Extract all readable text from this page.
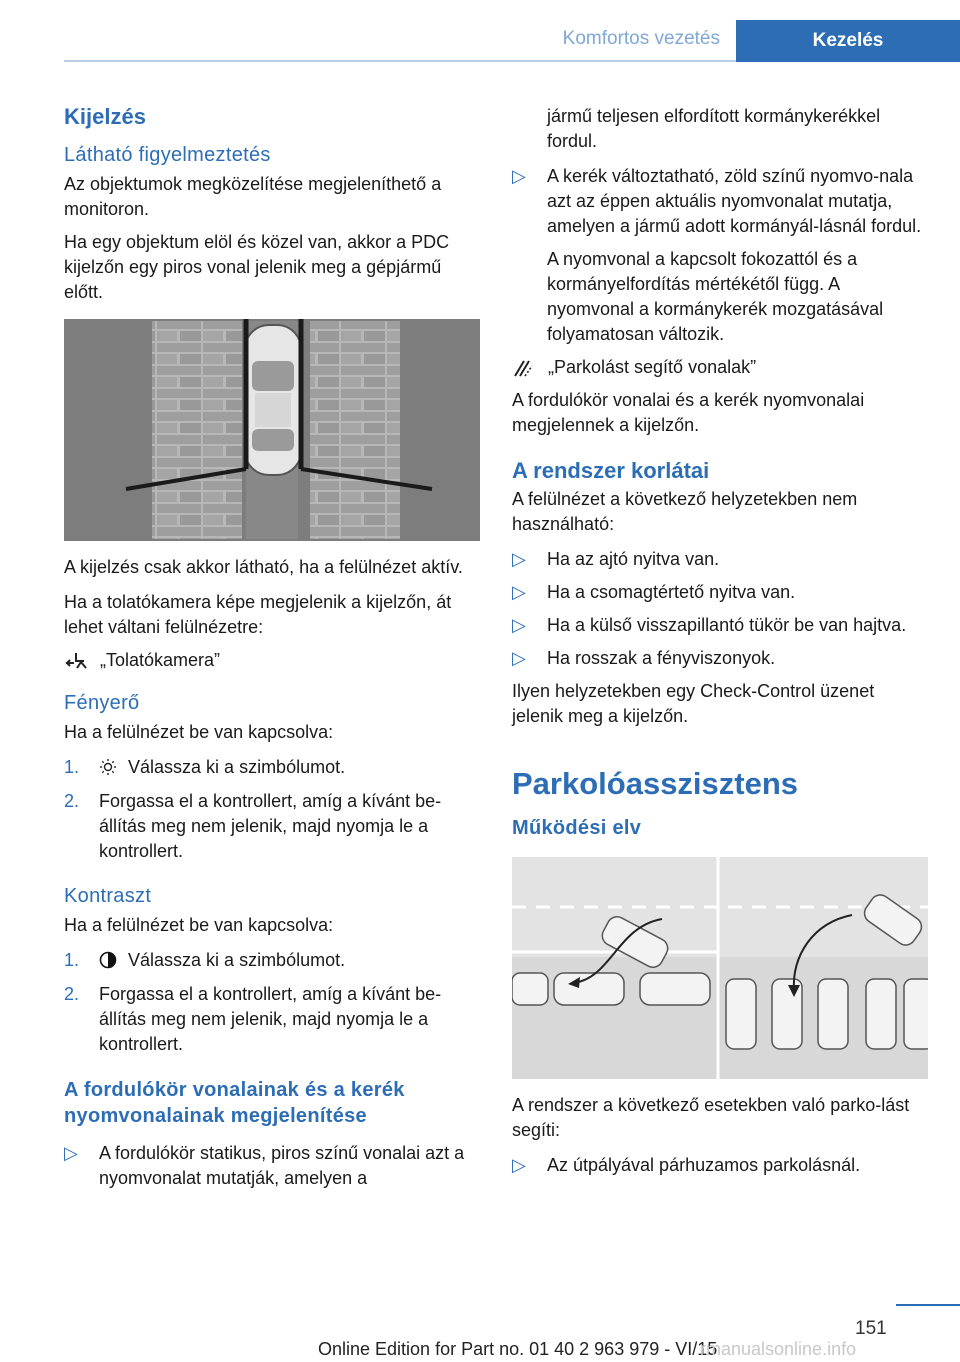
Komfortos vezetés	Kezelés
Kijelzés
Látható figyelmeztetés

Az objektumok megközelítése megjeleníthető a monitoron.

Ha egy objektum elöl és közel van, akkor a PDC kijelzőn egy piros vonal jelenik meg a gépjármű előtt.

A kijelzés csak akkor látható, ha a felülnézet aktív.

Ha a tolatókamera képe megjelenik a kijelzőn, át lehet váltani felülnézetre:

„Tolatókamera”
Fényerő

Ha a felülnézet be van kapcsolva:

1.	Válassza ki a szimbólumot.
2. Forgassa el a kontrollert, amíg a kívánt be‐állítás meg nem jelenik, majd nyomja le a kontrollert.
Kontraszt

Ha a felülnézet be van kapcsolva:

1.	Válassza ki a szimbólumot.
2. Forgassa el a kontrollert, amíg a kívánt be‐állítás meg nem jelenik, majd nyomja le a kontrollert.
A fordulókör vonalainak és a kerék nyomvonalainak megjelenítése
▷ A fordulókör statikus, piros színű vonalai azt a nyomvonalat mutatják, amelyen a

jármű teljesen elfordított kormánykerékkel fordul.

▷ A kerék változtatható, zöld színű nyomvo‐nala azt az éppen aktuális nyomvonalat mutatja, amelyen a jármű adott kormányál‐lásnál fordul.

A nyomvonal a kapcsolt fokozattól és a kormányelfordítás mértékétől függ. A nyomvonal a kormánykerék mozgatásával folyamatosan változik.

„Parkolást segítő vonalak”

A fordulókör vonalai és a kerék nyomvonalai megjelennek a kijelzőn.

A rendszer korlátai

A felülnézet a következő helyzetekben nem használható:

▷ Ha az ajtó nyitva van.
▷ Ha a csomagtértető nyitva van.
▷ Ha a külső visszapillantó tükör be van hajtva.
▷ Ha rosszak a fényviszonyok.

Ilyen helyzetekben egy Check-Control üzenet jelenik meg a kijelzőn.

Parkolóasszisztens
Működési elv

A rendszer a következő esetekben való parko‐lást segíti:

▷ Az útpályával párhuzamos parkolásnál.
151
Online Edition for Part no. 01 40 2 963 979 - VI/15
rmanualsonline.info
